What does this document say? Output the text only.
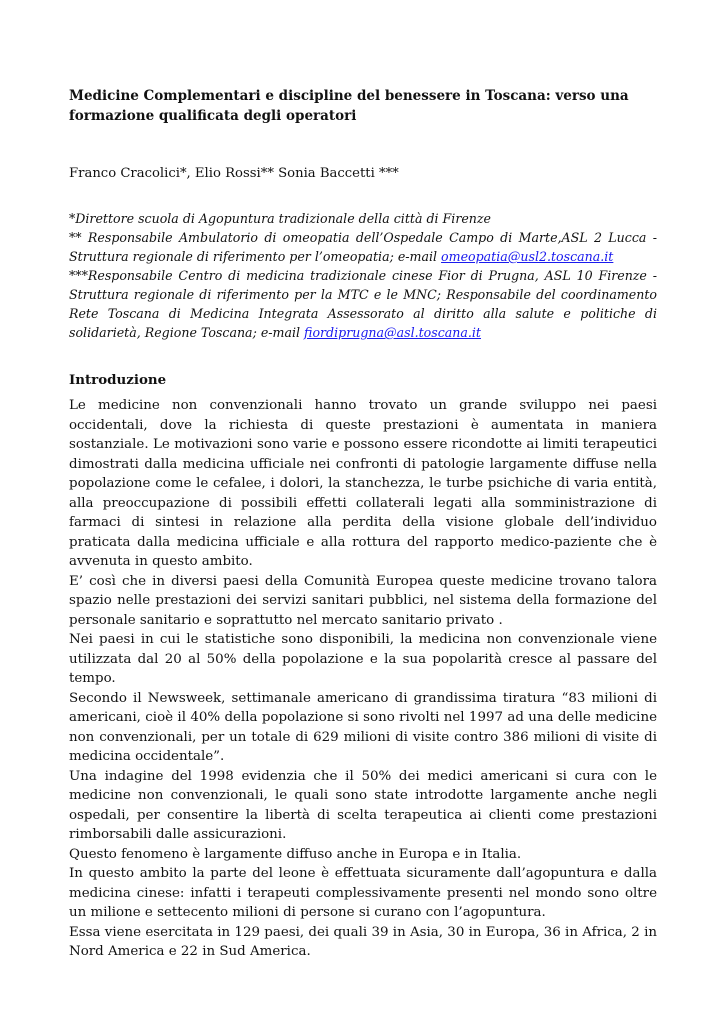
Medicine Complementari e discipline del benessere in Toscana: verso una formazione qualificata degli operatori
Franco Cracolici*, Elio Rossi** Sonia Baccetti ***

*Direttore scuola di Agopuntura tradizionale della città di Firenze

** Responsabile Ambulatorio di omeopatia dell’Ospedale Campo di Marte,ASL 2 Lucca - Struttura regionale di riferimento per l’omeopatia; e-mail omeopatia@usl2.toscana.it

***Responsabile Centro di medicina tradizionale cinese Fior di Prugna, ASL 10 Firenze - Struttura regionale di riferimento per la MTC e le MNC; Responsabile del coordinamento Rete Toscana di Medicina Integrata Assessorato al diritto alla salute e politiche di solidarietà, Regione Toscana; e-mail fiordiprugna@asl.toscana.it

Introduzione

Le medicine non convenzionali hanno trovato un grande sviluppo nei paesi occidentali, dove la richiesta di queste prestazioni è aumentata in maniera sostanziale. Le motivazioni sono varie e possono essere ricondotte ai limiti terapeutici dimostrati dalla medicina ufficiale nei confronti di patologie largamente diffuse nella popolazione come le cefalee, i dolori, la stanchezza, le turbe psichiche di varia entità, alla preoccupazione di possibili effetti collaterali legati alla somministrazione di farmaci di sintesi in relazione alla perdita della visione globale dell’individuo praticata dalla medicina ufficiale e alla rottura del rapporto medico-paziente che è avvenuta in questo ambito.

E’ così che in diversi paesi della Comunità Europea queste medicine trovano talora spazio nelle prestazioni dei servizi sanitari pubblici, nel sistema della formazione del personale sanitario e soprattutto nel mercato sanitario privato .

Nei paesi in cui le statistiche sono disponibili, la medicina non convenzionale viene utilizzata dal 20 al 50% della popolazione e la sua popolarità cresce al passare del tempo.

Secondo il Newsweek, settimanale americano di grandissima tiratura “83 milioni di americani, cioè il 40% della popolazione si sono rivolti nel 1997 ad una delle medicine non convenzionali, per un totale di 629 milioni di visite contro 386 milioni di visite di medicina occidentale”.

Una indagine del 1998 evidenzia che il 50% dei medici americani si cura con le medicine non convenzionali, le quali sono state introdotte largamente anche negli ospedali, per consentire la libertà di scelta terapeutica ai clienti come prestazioni rimborsabili dalle assicurazioni.

Questo fenomeno è largamente diffuso anche in Europa e in Italia.

In questo ambito la parte del leone è effettuata sicuramente dall’agopuntura e dalla medicina cinese: infatti i terapeuti complessivamente presenti nel mondo sono oltre un milione e settecento milioni di persone si curano con l’agopuntura.

Essa viene esercitata in 129 paesi, dei quali 39 in Asia, 30 in Europa, 36 in Africa, 2 in Nord America e 22 in Sud America.
